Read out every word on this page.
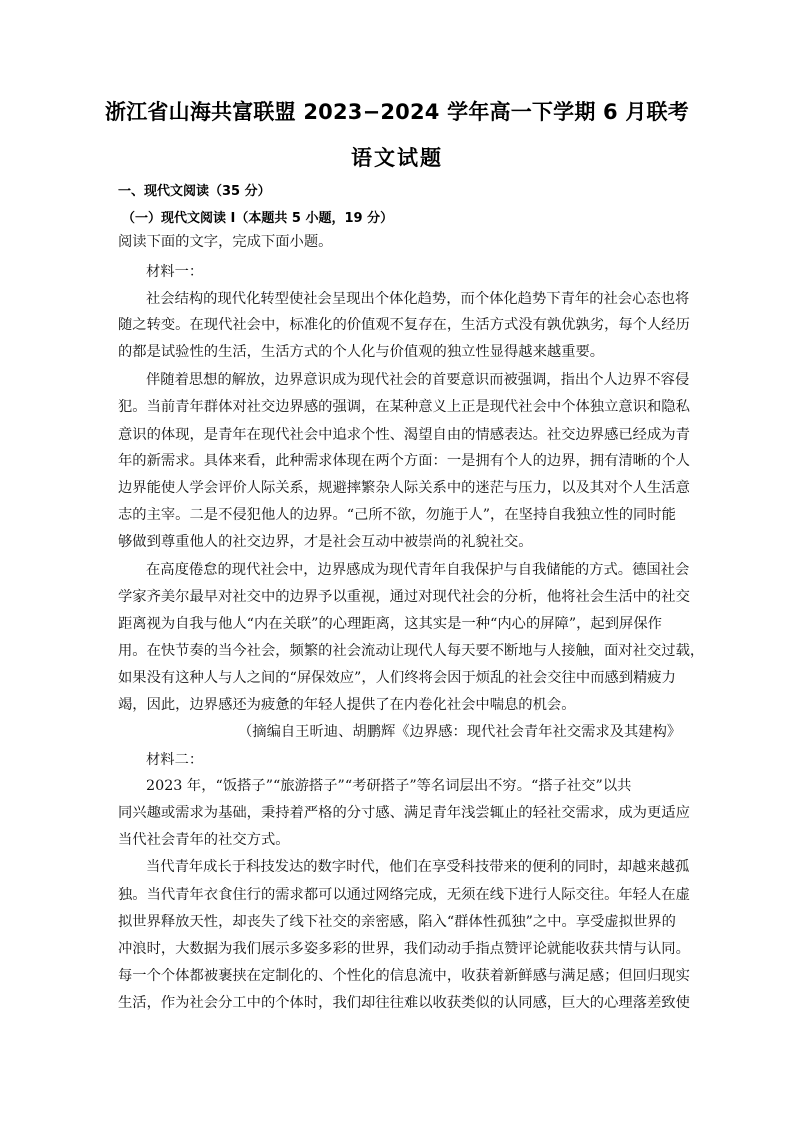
浙江省山海共富联盟 2023−2024 学年高一下学期 6 月联考
语文试题
一、现代文阅读（35 分）
（一）现代文阅读 I（本题共 5 小题，19 分）
阅读下面的文字，完成下面小题。
材料一：
社会结构的现代化转型使社会呈现出个体化趋势，而个体化趋势下青年的社会心态也将
随之转变。在现代社会中，标准化的价值观不复存在，生活方式没有孰优孰劣，每个人经历
的都是试验性的生活，生活方式的个人化与价值观的独立性显得越来越重要。
伴随着思想的解放，边界意识成为现代社会的首要意识而被强调，指出个人边界不容侵
犯。当前青年群体对社交边界感的强调，在某种意义上正是现代社会中个体独立意识和隐私
意识的体现，是青年在现代社会中追求个性、渴望自由的情感表达。社交边界感已经成为青
年的新需求。具体来看，此种需求体现在两个方面：一是拥有个人的边界，拥有清晰的个人
边界能使人学会评价人际关系，规避摔繁杂人际关系中的迷茫与压力，以及其对个人生活意
志的主宰。二是不侵犯他人的边界。“己所不欲，勿施于人”，在坚持自我独立性的同时能
够做到尊重他人的社交边界，才是社会互动中被崇尚的礼貌社交。
在高度倦怠的现代社会中，边界感成为现代青年自我保护与自我储能的方式。德国社会
学家齐美尔最早对社交中的边界予以重视，通过对现代社会的分析，他将社会生活中的社交
距离视为自我与他人“内在关联”的心理距离，这其实是一种“内心的屏障”，起到屏保作
用。在快节奏的当今社会，频繁的社会流动让现代人每天要不断地与人接触，面对社交过载，
如果没有这种人与人之间的“屏保效应”，人们终将会因于烦乱的社会交往中而感到精疲力
竭，因此，边界感还为疲惫的年轻人提供了在内卷化社会中喘息的机会。
（摘编自王昕迪、胡鹏辉《边界感：现代社会青年社交需求及其建构》
材料二：
2023 年，“饭搭子”“旅游搭子”“考研搭子”等名词层出不穷。“搭子社交”以共
同兴趣或需求为基础，秉持着严格的分寸感、满足青年浅尝辄止的轻社交需求，成为更适应
当代社会青年的社交方式。
当代青年成长于科技发达的数字时代，他们在享受科技带来的便利的同时，却越来越孤
独。当代青年衣食住行的需求都可以通过网络完成，无须在线下进行人际交往。年轻人在虚
拟世界释放天性，却丧失了线下社交的亲密感，陷入“群体性孤独”之中。享受虚拟世界的
冲浪时，大数据为我们展示多姿多彩的世界，我们动动手指点赞评论就能收获共情与认同。
每一个个体都被裹挟在定制化的、个性化的信息流中，收获着新鲜感与满足感；但回归现实
生活，作为社会分工中的个体时，我们却往往难以收获类似的认同感，巨大的心理落差致使
